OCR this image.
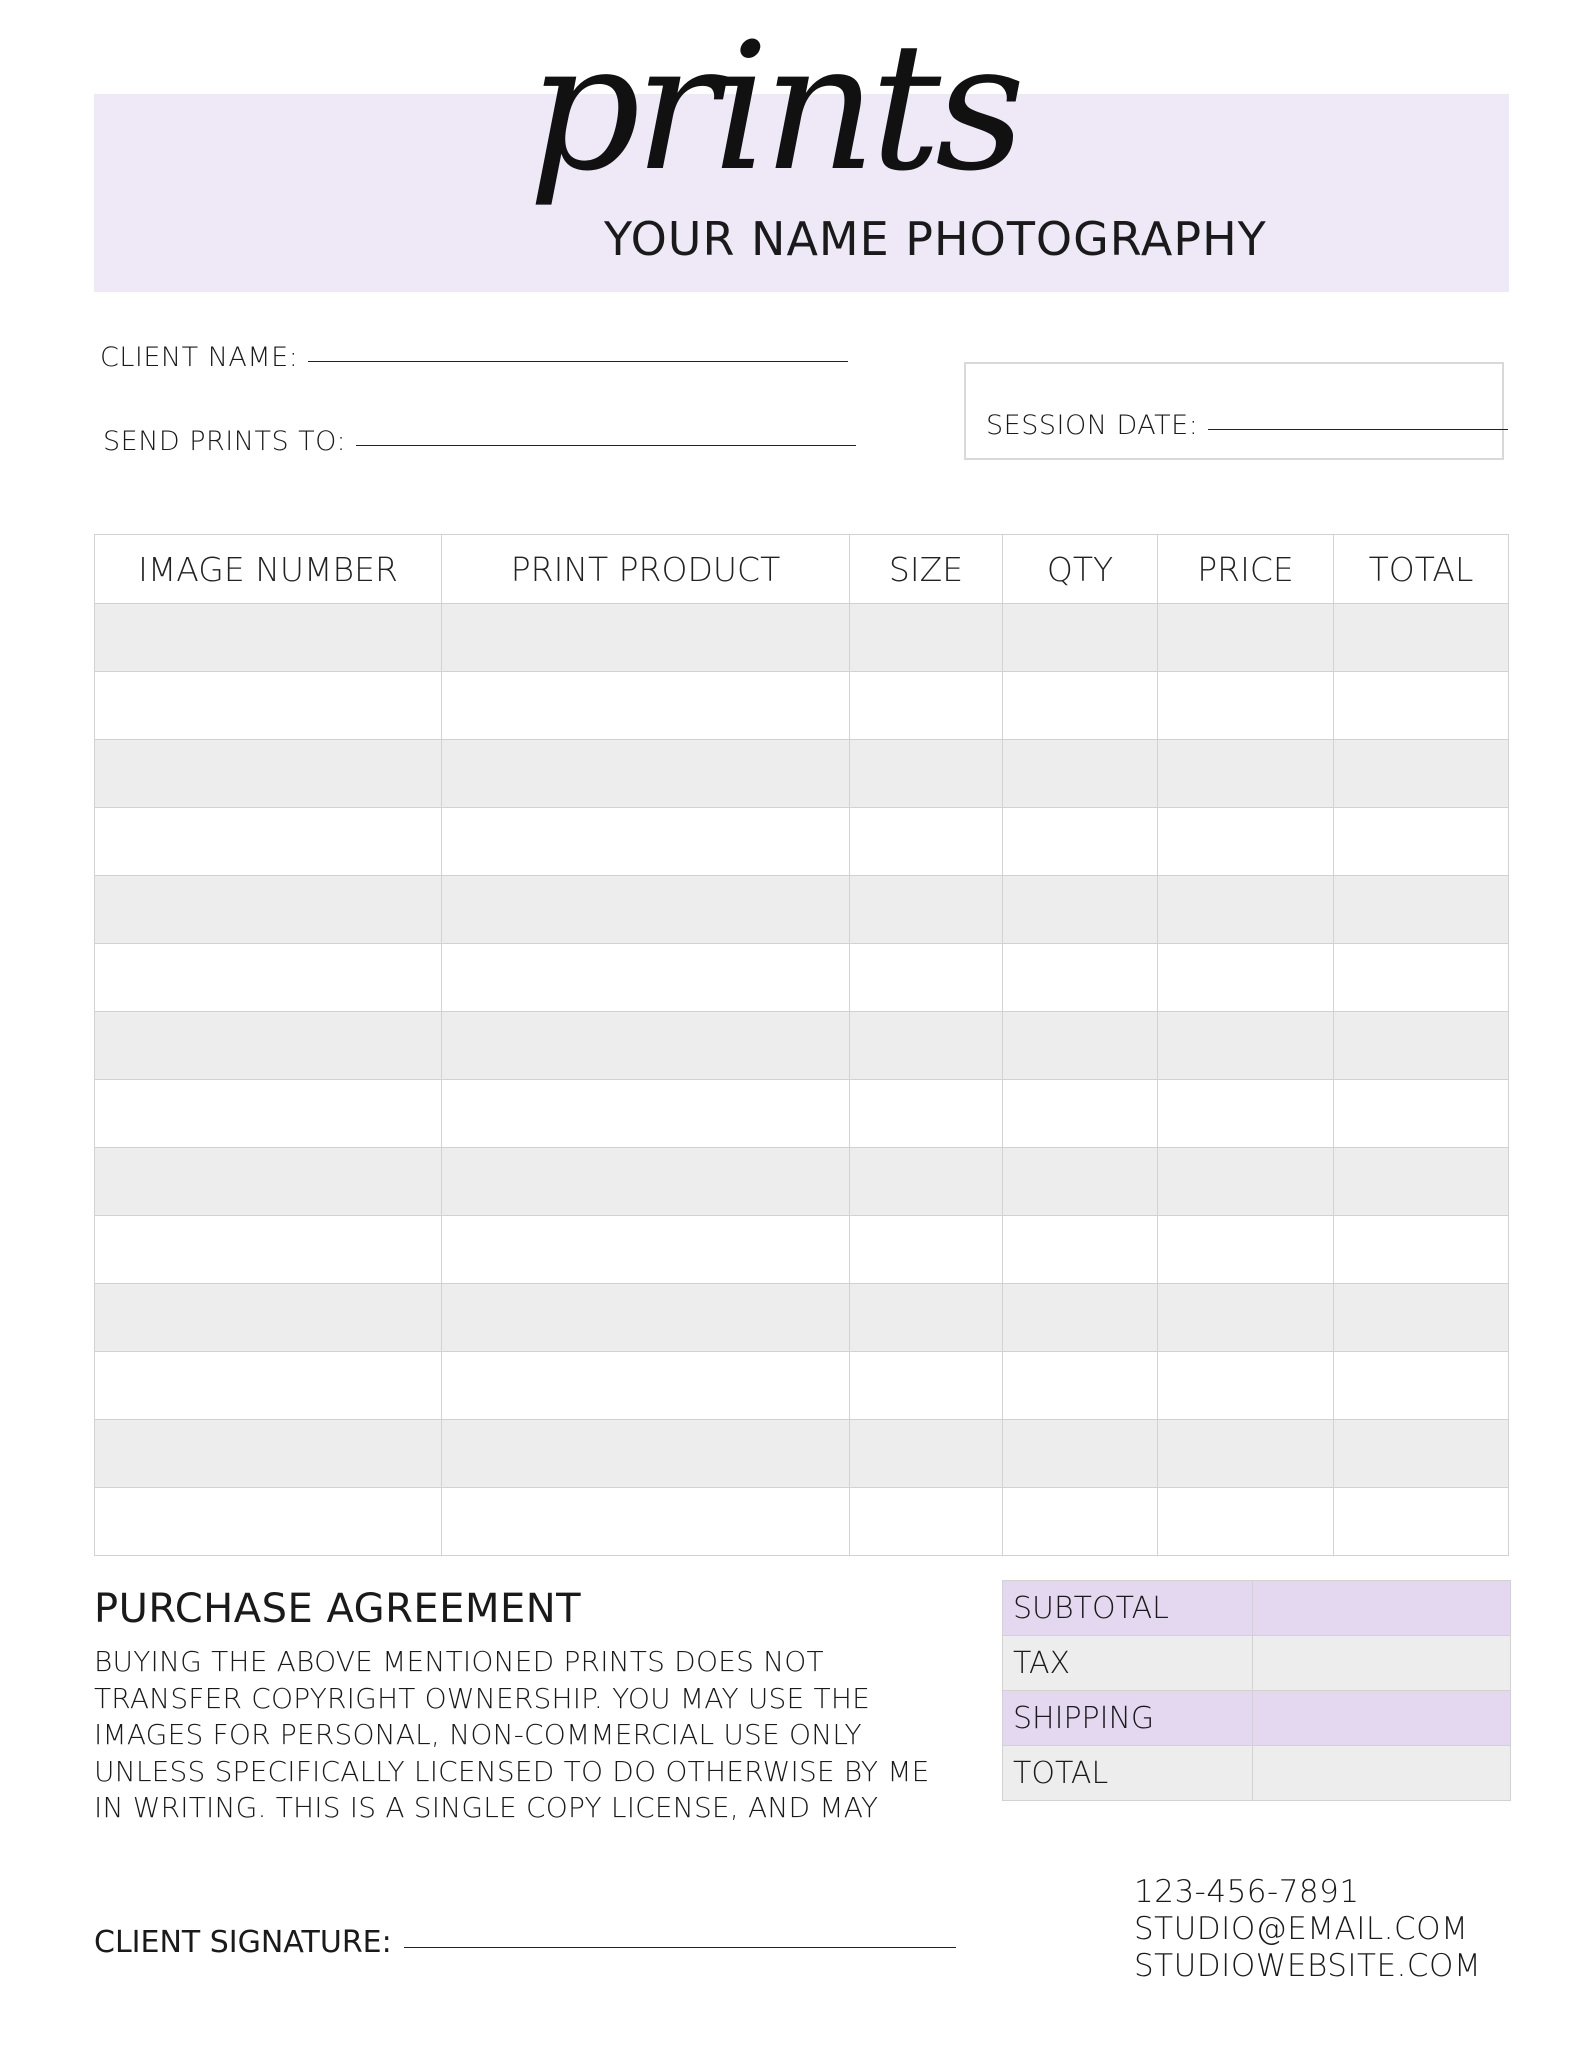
prints
YOUR NAME PHOTOGRAPHY
CLIENT NAME:
SEND PRINTS TO:
SESSION DATE:
IMAGE NUMBER	PRINT PRODUCT	SIZE	QTY	PRICE	TOTAL

PURCHASE AGREEMENT
BUYING THE ABOVE MENTIONED PRINTS DOES NOT
TRANSFER COPYRIGHT OWNERSHIP. YOU MAY USE THE
IMAGES FOR PERSONAL, NON-COMMERCIAL USE ONLY
UNLESS SPECIFICALLY LICENSED TO DO OTHERWISE BY ME
IN WRITING. THIS IS A SINGLE COPY LICENSE, AND MAY
SUBTOTAL	
TAX	
SHIPPING	
TOTAL	
CLIENT SIGNATURE:
123-456-7891
STUDIO@EMAIL.COM
STUDIOWEBSITE.COM
